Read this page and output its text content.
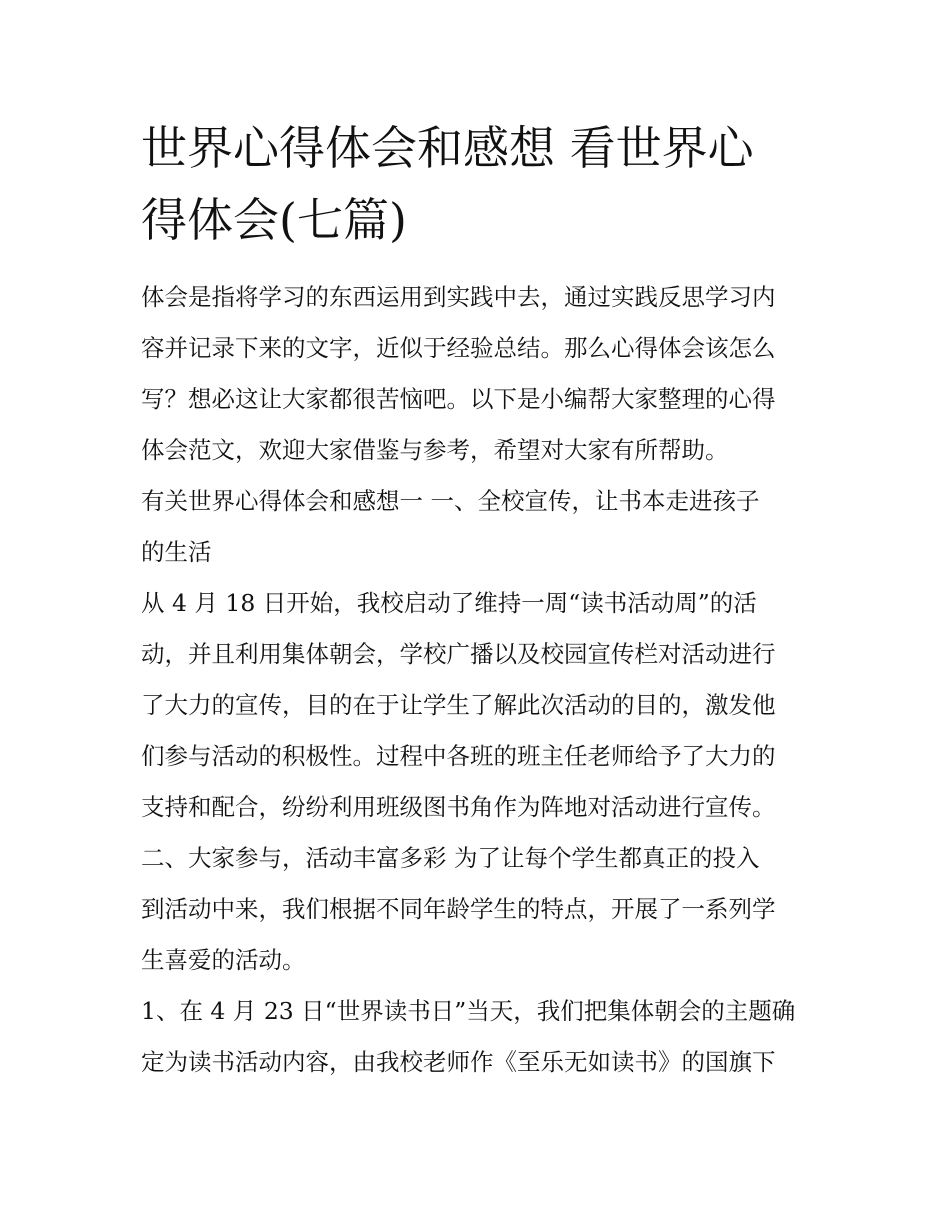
世界心得体会和感想 看世界心
得体会(七篇)

体会是指将学习的东西运用到实践中去，通过实践反思学习内
容并记录下来的文字，近似于经验总结。那么心得体会该怎么
写？想必这让大家都很苦恼吧。以下是小编帮大家整理的心得
体会范文，欢迎大家借鉴与参考，希望对大家有所帮助。

有关世界心得体会和感想一 一、全校宣传，让书本走进孩子
的生活

从 4 月 18 日开始，我校启动了维持一周“读书活动周”的活
动，并且利用集体朝会，学校广播以及校园宣传栏对活动进行
了大力的宣传，目的在于让学生了解此次活动的目的，激发他
们参与活动的积极性。过程中各班的班主任老师给予了大力的
支持和配合，纷纷利用班级图书角作为阵地对活动进行宣传。

二、大家参与，活动丰富多彩 为了让每个学生都真正的投入
到活动中来，我们根据不同年龄学生的特点，开展了一系列学
生喜爱的活动。

1、在 4 月 23 日“世界读书日”当天，我们把集体朝会的主题确
定为读书活动内容，由我校老师作《至乐无如读书》的国旗下
